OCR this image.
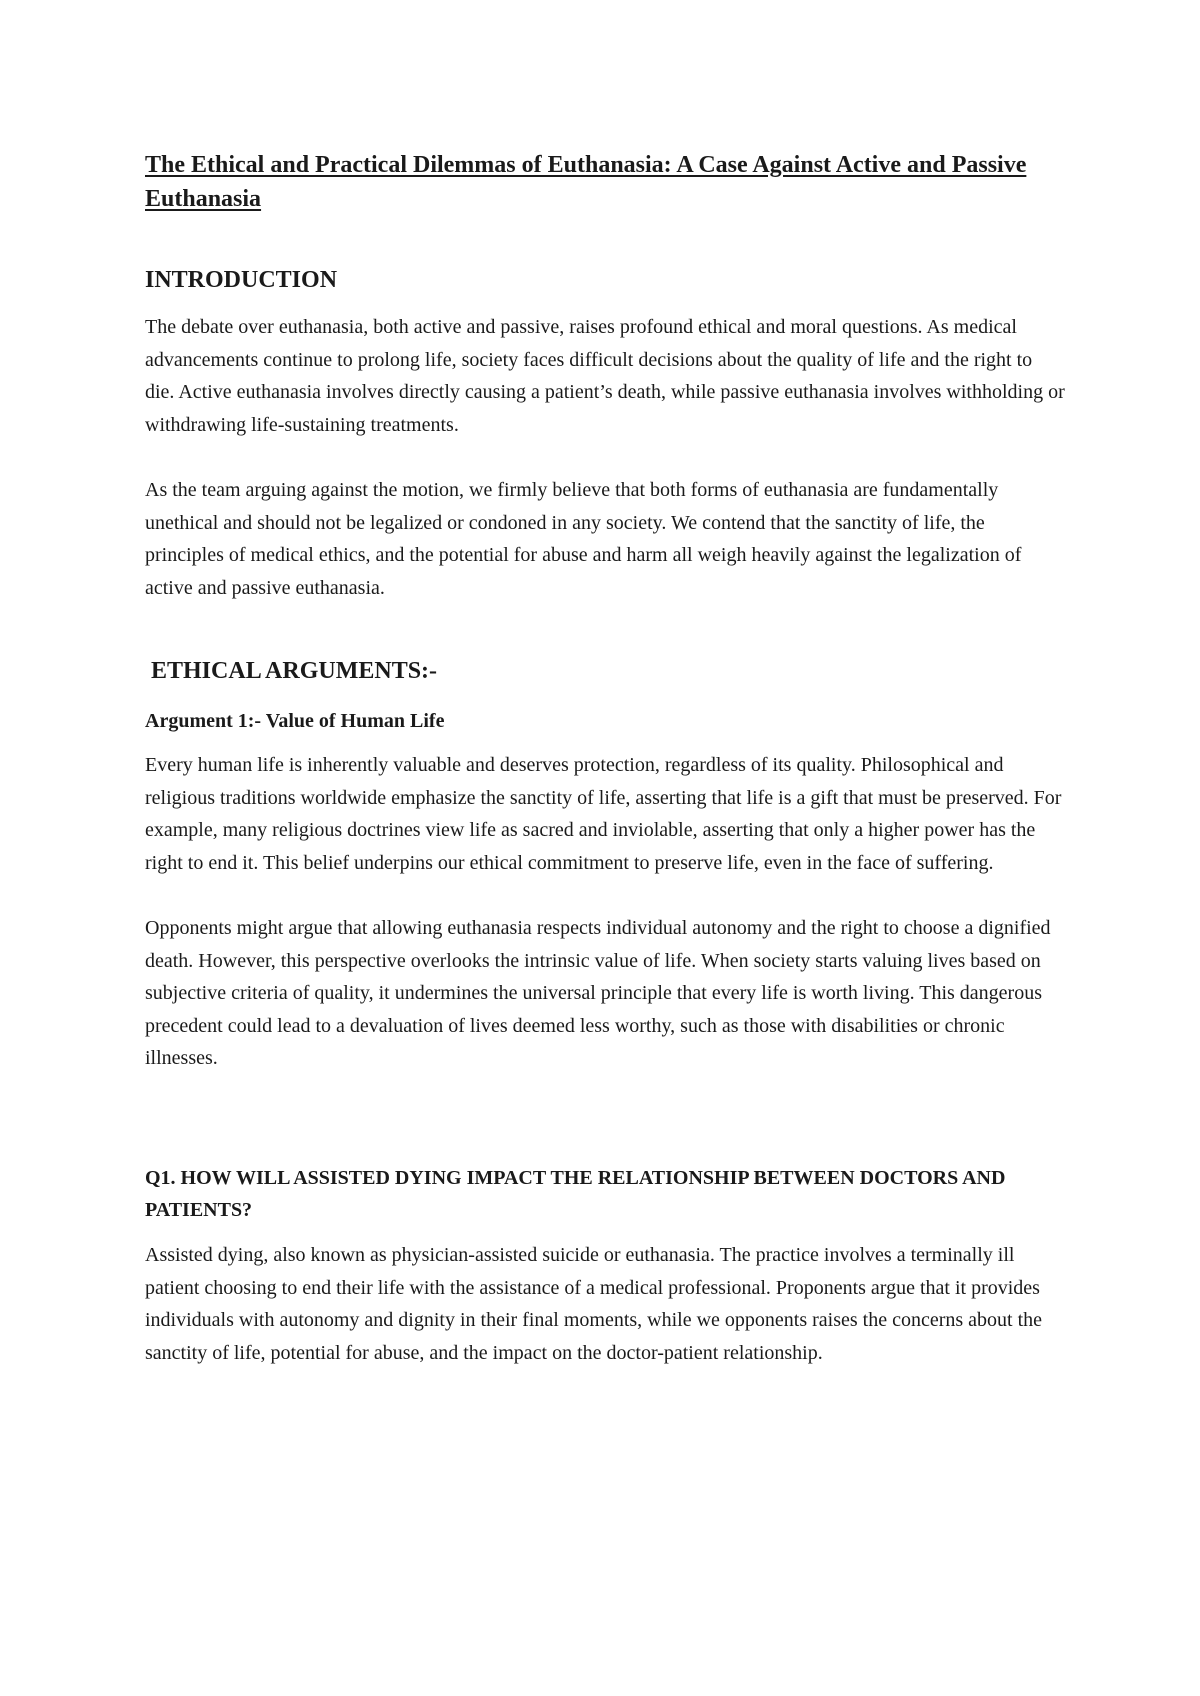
The Ethical and Practical Dilemmas of Euthanasia: A Case Against Active and Passive Euthanasia
INTRODUCTION

The debate over euthanasia, both active and passive, raises profound ethical and moral questions. As medical advancements continue to prolong life, society faces difficult decisions about the quality of life and the right to die. Active euthanasia involves directly causing a patient’s death, while passive euthanasia involves withholding or withdrawing life-sustaining treatments.

As the team arguing against the motion, we firmly believe that both forms of euthanasia are fundamentally unethical and should not be legalized or condoned in any society. We contend that the sanctity of life, the principles of medical ethics, and the potential for abuse and harm all weigh heavily against the legalization of active and passive euthanasia.

ETHICAL ARGUMENTS:-
Argument 1:- Value of Human Life

Every human life is inherently valuable and deserves protection, regardless of its quality. Philosophical and religious traditions worldwide emphasize the sanctity of life, asserting that life is a gift that must be preserved. For example, many religious doctrines view life as sacred and inviolable, asserting that only a higher power has the right to end it. This belief underpins our ethical commitment to preserve life, even in the face of suffering.

Opponents might argue that allowing euthanasia respects individual autonomy and the right to choose a dignified death. However, this perspective overlooks the intrinsic value of life. When society starts valuing lives based on subjective criteria of quality, it undermines the universal principle that every life is worth living. This dangerous precedent could lead to a devaluation of lives deemed less worthy, such as those with disabilities or chronic illnesses.

Q1. HOW WILL ASSISTED DYING IMPACT THE RELATIONSHIP BETWEEN DOCTORS AND PATIENTS?

Assisted dying, also known as physician-assisted suicide or euthanasia. The practice involves a terminally ill patient choosing to end their life with the assistance of a medical professional. Proponents argue that it provides individuals with autonomy and dignity in their final moments, while we opponents raises the concerns about the sanctity of life, potential for abuse, and the impact on the doctor-patient relationship.
